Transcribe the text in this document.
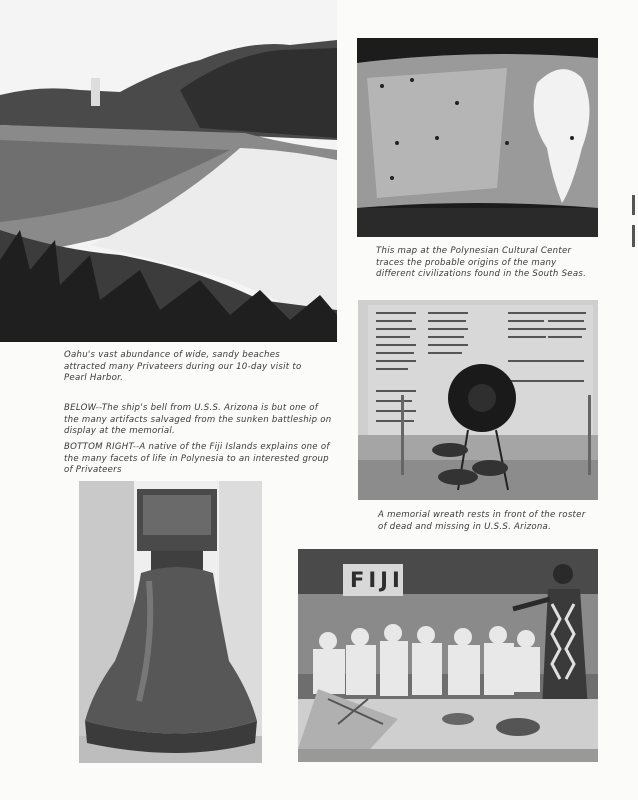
This map at the Polynesian Cultural Center traces the probable origins of the many different civilizations found in the South Seas.

Oahu's vast abundance of wide, sandy beaches attracted many Privateers during our 10-day visit to Pearl Harbor.

BELOW--The ship's bell from U.S.S. Arizona is but one of the many artifacts salvaged from the sunken battleship on display at the memorial.

BOTTOM RIGHT--A native of the Fiji Islands explains one of the many facets of life in Polynesia to an interested group of Privateers

A memorial wreath rests in front of the roster of dead and missing in U.S.S. Arizona.

FIJI
